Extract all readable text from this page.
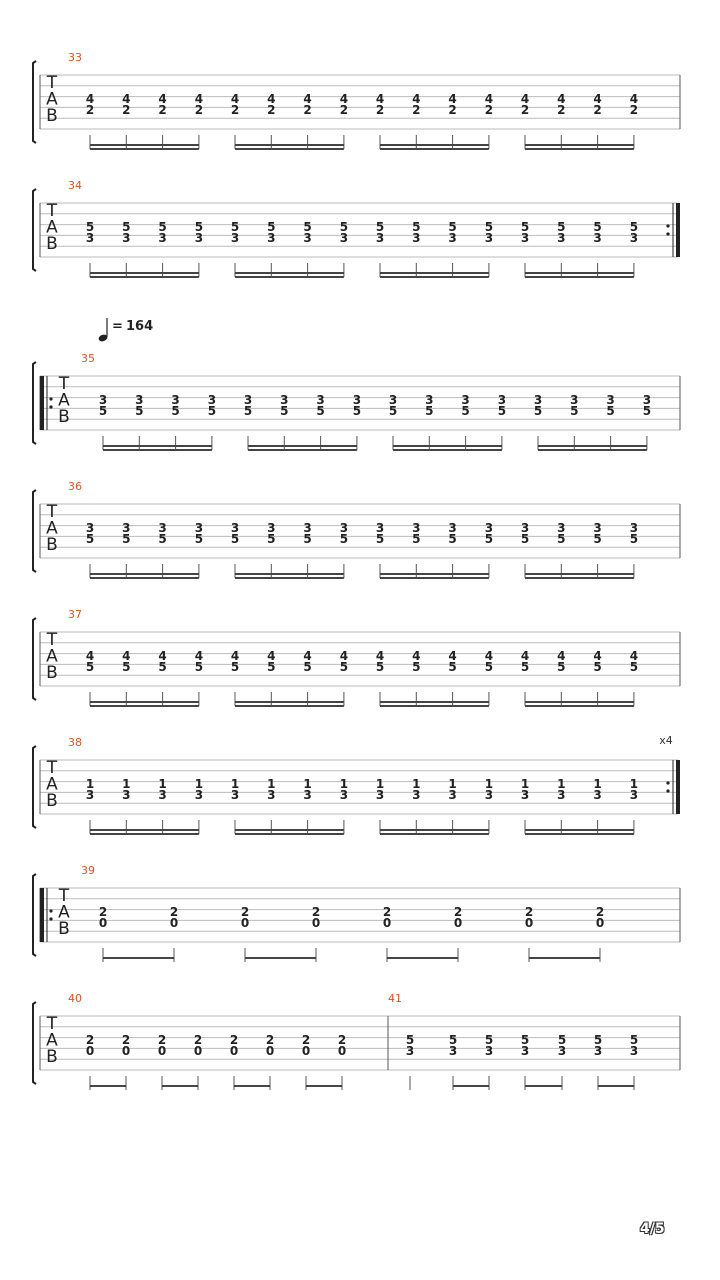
T
A
B
33
4
2
4
2
4
2
4
2
4
2
4
2
4
2
4
2
4
2
4
2
4
2
4
2
4
2
4
2
4
2
4
2
T
A
B
34
5
3
5
3
5
3
5
3
5
3
5
3
5
3
5
3
5
3
5
3
5
3
5
3
5
3
5
3
5
3
5
3
T
A
B
= 164
35
3
5
3
5
3
5
3
5
3
5
3
5
3
5
3
5
3
5
3
5
3
5
3
5
3
5
3
5
3
5
3
5
T
A
B
36
3
5
3
5
3
5
3
5
3
5
3
5
3
5
3
5
3
5
3
5
3
5
3
5
3
5
3
5
3
5
3
5
T
A
B
37
4
5
4
5
4
5
4
5
4
5
4
5
4
5
4
5
4
5
4
5
4
5
4
5
4
5
4
5
4
5
4
5
T
A
B
x4
38
1
3
1
3
1
3
1
3
1
3
1
3
1
3
1
3
1
3
1
3
1
3
1
3
1
3
1
3
1
3
1
3
T
A
B
39
2
0
2
0
2
0
2
0
2
0
2
0
2
0
2
0
T
A
B
40
2
0
2
0
2
0
2
0
2
0
2
0
2
0
2
0
41
5
3
5
3
5
3
5
3
5
3
5
3
5
3
4/5
